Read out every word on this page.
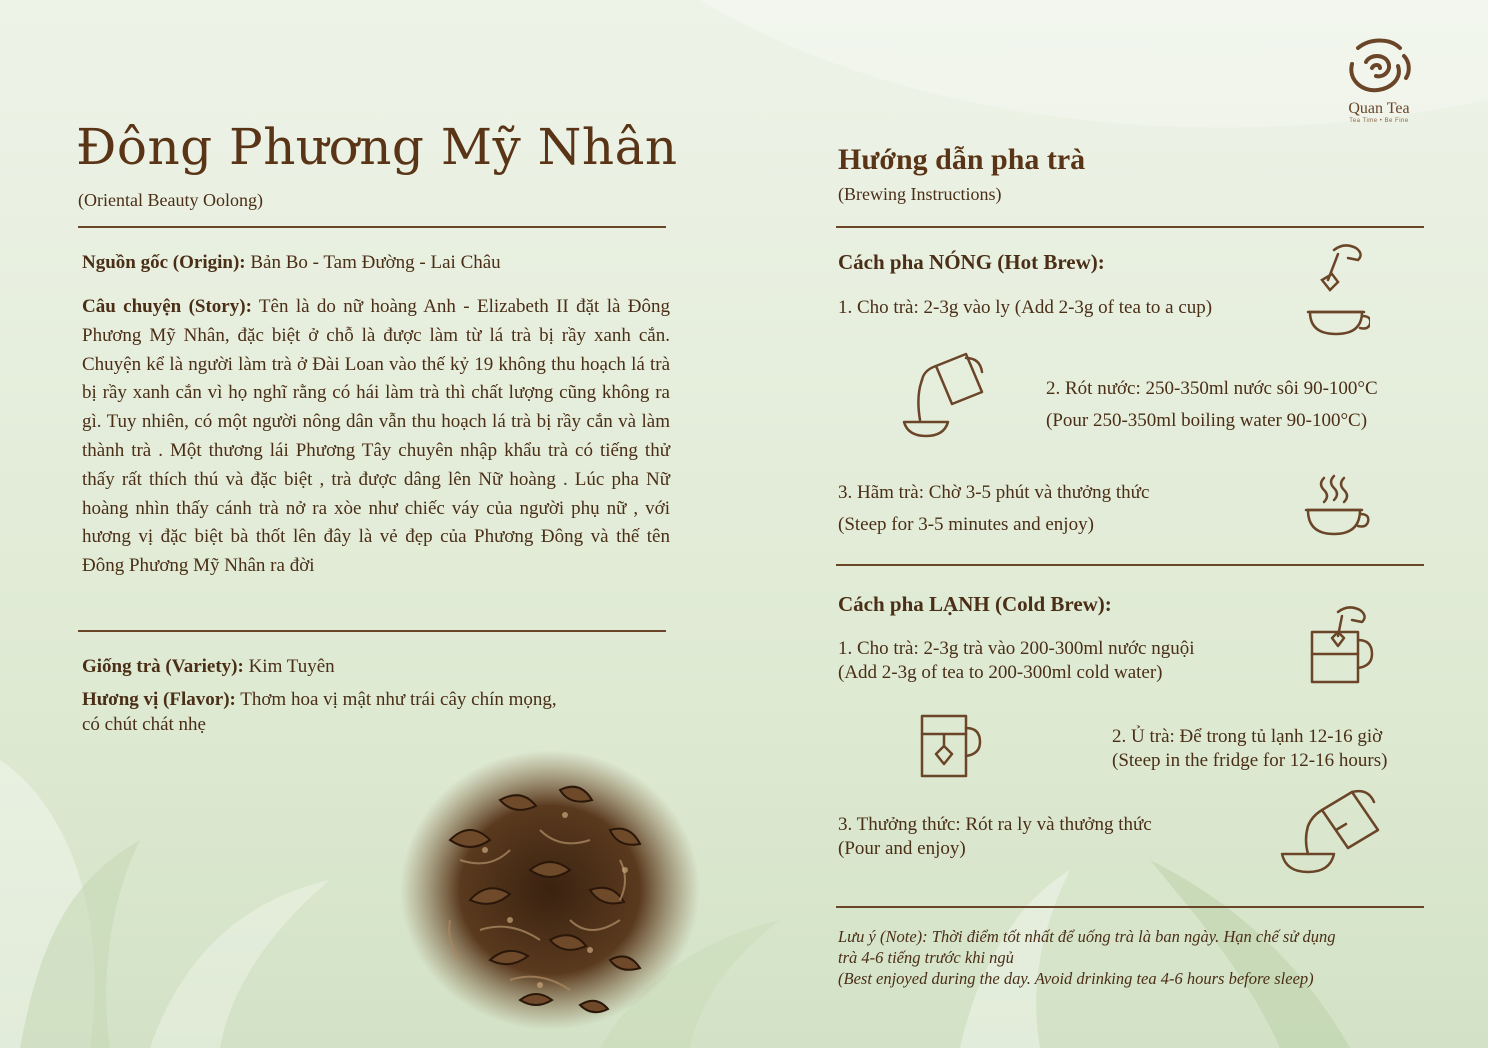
Quan Tea
Tea Time • Be Fine
Đông Phương Mỹ Nhân
(Oriental Beauty Oolong)
Nguồn gốc (Origin): Bản Bo - Tam Đường - Lai Châu
Câu chuyện (Story): Tên là do nữ hoàng Anh - Elizabeth II đặt là Đông Phương Mỹ Nhân, đặc biệt ở chỗ là được làm từ lá trà bị rầy xanh cắn. Chuyện kể là người làm trà ở Đài Loan vào thế kỷ 19 không thu hoạch lá trà bị rầy xanh cắn vì họ nghĩ rằng có hái làm trà thì chất lượng cũng không ra gì. Tuy nhiên, có một người nông dân vẫn thu hoạch lá trà bị rầy cắn và làm thành trà . Một thương lái Phương Tây chuyên nhập khẩu trà có tiếng thử thấy rất thích thú và đặc biệt , trà được dâng lên Nữ hoàng . Lúc pha Nữ hoàng nhìn thấy cánh trà nở ra xòe như chiếc váy của người phụ nữ , với hương vị đặc biệt bà thốt lên đây là vẻ đẹp của Phương Đông và thế tên Đông Phương Mỹ Nhân ra đời
Giống trà (Variety): Kim Tuyên
Hương vị (Flavor): Thơm hoa vị mật như trái cây chín mọng,
có chút chát nhẹ
Hướng dẫn pha trà
(Brewing Instructions)
Cách pha NÓNG (Hot Brew):
1. Cho trà: 2-3g vào ly (Add 2-3g of tea to a cup)
2. Rót nước: 250-350ml nước sôi 90-100°C
(Pour 250-350ml boiling water 90-100°C)
3. Hãm trà: Chờ 3-5 phút và thưởng thức
(Steep for 3-5 minutes and enjoy)
Cách pha LẠNH (Cold Brew):
1. Cho trà: 2-3g trà vào 200-300ml nước nguội
(Add 2-3g of tea to 200-300ml cold water)
2. Ủ trà: Để trong tủ lạnh 12-16 giờ
(Steep in the fridge for 12-16 hours)
3. Thưởng thức: Rót ra ly và thưởng thức
(Pour and enjoy)
Lưu ý (Note): Thời điểm tốt nhất để uống trà là ban ngày. Hạn chế sử dụng
trà 4-6 tiếng trước khi ngủ
(Best enjoyed during the day. Avoid drinking tea 4-6 hours before sleep)
